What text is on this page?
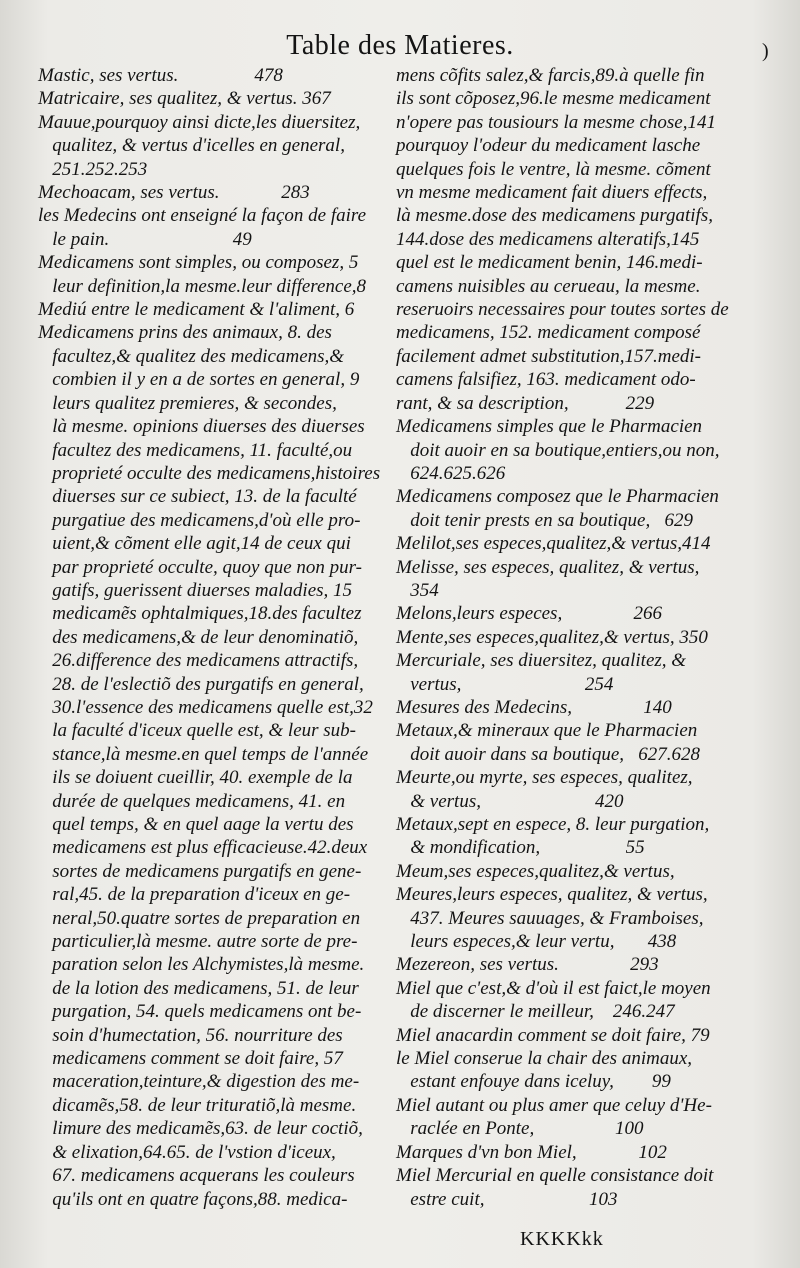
Table des Matieres.	)
Mastic, ses vertus.                478
Matricaire, ses qualitez, & vertus. 367
Mauue,pourquoy ainsi dicte,les diuersitez,
qualitez, & vertus d'icelles en general,
251.252.253
Mechoacam, ses vertus.             283
les Medecins ont enseigné la façon de faire
le pain.                          49
Medicamens sont simples, ou composez, 5
leur definition,la mesme.leur difference,8
Mediú entre le medicament & l'aliment, 6
Medicamens prins des animaux, 8. des
facultez,& qualitez des medicamens,&
combien il y en a de sortes en general, 9
leurs qualitez premieres, & secondes,
là mesme. opinions diuerses des diuerses
facultez des medicamens, 11. faculté,ou
proprieté occulte des medicamens,histoires
diuerses sur ce subiect, 13. de la faculté
purgatiue des medicamens,d'où elle pro-
uient,& cõment elle agit,14 de ceux qui
par proprieté occulte, quoy que non pur-
gatifs, guerissent diuerses maladies, 15
medicamẽs ophtalmiques,18.des facultez
des medicamens,& de leur denominatiõ,
26.difference des medicamens attractifs,
28. de l'eslectiõ des purgatifs en general,
30.l'essence des medicamens quelle est,32
la faculté d'iceux quelle est, & leur sub-
stance,là mesme.en quel temps de l'année
ils se doiuent cueillir, 40. exemple de la
durée de quelques medicamens, 41. en
quel temps, & en quel aage la vertu des
medicamens est plus efficacieuse.42.deux
sortes de medicamens purgatifs en gene-
ral,45. de la preparation d'iceux en ge-
neral,50.quatre sortes de preparation en
particulier,là mesme. autre sorte de pre-
paration selon les Alchymistes,là mesme.
de la lotion des medicamens, 51. de leur
purgation, 54. quels medicamens ont be-
soin d'humectation, 56. nourriture des
medicamens comment se doit faire, 57
maceration,teinture,& digestion des me-
dicamẽs,58. de leur trituratiõ,là mesme.
limure des medicamẽs,63. de leur coctiõ,
& elixation,64.65. de l'vstion d'iceux,
67. medicamens acquerans les couleurs
qu'ils ont en quatre façons,88. medica-
mens cõfits salez,& farcis,89.à quelle fin
ils sont cõposez,96.le mesme medicament
n'opere pas tousiours la mesme chose,141
pourquoy l'odeur du medicament lasche
quelques fois le ventre, là mesme. cõment
vn mesme medicament fait diuers effects,
là mesme.dose des medicamens purgatifs,
144.dose des medicamens alteratifs,145
quel est le medicament benin, 146.medi-
camens nuisibles au cerueau, la mesme.
reseruoirs necessaires pour toutes sortes de
medicamens, 152. medicament composé
facilement admet substitution,157.medi-
camens falsifiez, 163. medicament odo-
rant, & sa description,            229
Medicamens simples que le Pharmacien
doit auoir en sa boutique,entiers,ou non,
624.625.626
Medicamens composez que le Pharmacien
doit tenir prests en sa boutique,   629
Melilot,ses especes,qualitez,& vertus,414
Melisse, ses especes, qualitez, & vertus,
354
Melons,leurs especes,               266
Mente,ses especes,qualitez,& vertus, 350
Mercuriale, ses diuersitez, qualitez, &
vertus,                          254
Mesures des Medecins,               140
Metaux,& mineraux que le Pharmacien
doit auoir dans sa boutique,   627.628
Meurte,ou myrte, ses especes, qualitez,
& vertus,                        420
Metaux,sept en espece, 8. leur purgation,
& mondification,                  55
Meum,ses especes,qualitez,& vertus,
Meures,leurs especes, qualitez, & vertus,
437. Meures sauuages, & Framboises,
leurs especes,& leur vertu,       438
Mezereon, ses vertus.               293
Miel que c'est,& d'où il est faict,le moyen
de discerner le meilleur,    246.247
Miel anacardin comment se doit faire, 79
le Miel conserue la chair des animaux,
estant enfouye dans iceluy,        99
Miel autant ou plus amer que celuy d'He-
raclée en Ponte,                 100
Marques d'vn bon Miel,             102
Miel Mercurial en quelle consistance doit
estre cuit,                      103
KKKKkk
